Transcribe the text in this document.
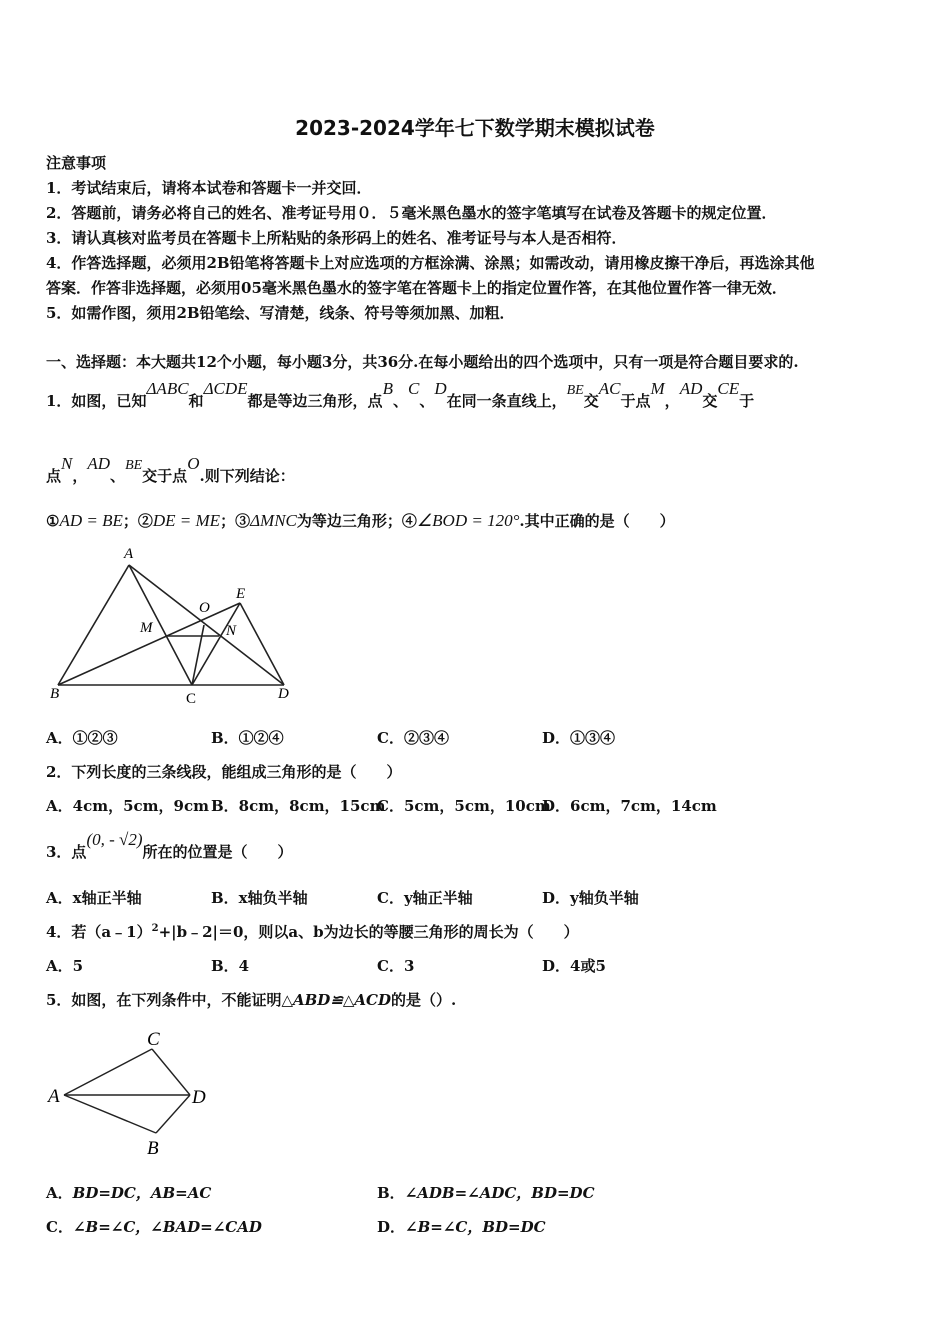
2023-2024学年七下数学期末模拟试卷
注意事项
1．考试结束后，请将本试卷和答题卡一并交回．
2．答题前，请务必将自己的姓名、准考证号用０．５毫米黑色墨水的签字笔填写在试卷及答题卡的规定位置．
3．请认真核对监考员在答题卡上所粘贴的条形码上的姓名、准考证号与本人是否相符．
4．作答选择题，必须用2B铅笔将答题卡上对应选项的方框涂满、涂黑；如需改动，请用橡皮擦干净后，再选涂其他
答案．作答非选择题，必须用05毫米黑色墨水的签字笔在答题卡上的指定位置作答，在其他位置作答一律无效．
5．如需作图，须用2B铅笔绘、写清楚，线条、符号等须加黑、加粗．
一、选择题：本大题共12个小题，每小题3分，共36分.在每小题给出的四个选项中，只有一项是符合题目要求的.
1．如图，已知ΔABC和ΔCDE都是等边三角形，点B、C、D在同一条直线上，BE交AC于点M，AD交CE于
点N，AD、BE交于点O.则下列结论：
①AD = BE；②DE = ME；③ΔMNC为等边三角形；④∠BOD = 120°.其中正确的是（　　）
A
B	C	D
E
M	N
O
A．①②③	B．①②④	C．②③④	D．①③④
2．下列长度的三条线段，能组成三角形的是（　　）
A．4cm，5cm，9cm B．8cm，8cm，15cm
C．5cm，5cm，10cm
D．6cm，7cm，14cm
3．点(0, - √2)所在的位置是（　　）
A．x轴正半轴	B．x轴负半轴	C．y轴正半轴	D．y轴负半轴
4．若（a﹣1）$^2$+|b﹣2|＝0，则以a、b为边长的等腰三角形的周长为（　　）
A．5	B．4	C．3	D．4或5
5．如图，在下列条件中，不能证明△ABD≌△ACD的是（）.
A
C
D
B
A．BD=DC，AB=AC	B．∠ADB=∠ADC，BD=DC
C．∠B=∠C，∠BAD=∠CAD	D．∠B=∠C，BD=DC
